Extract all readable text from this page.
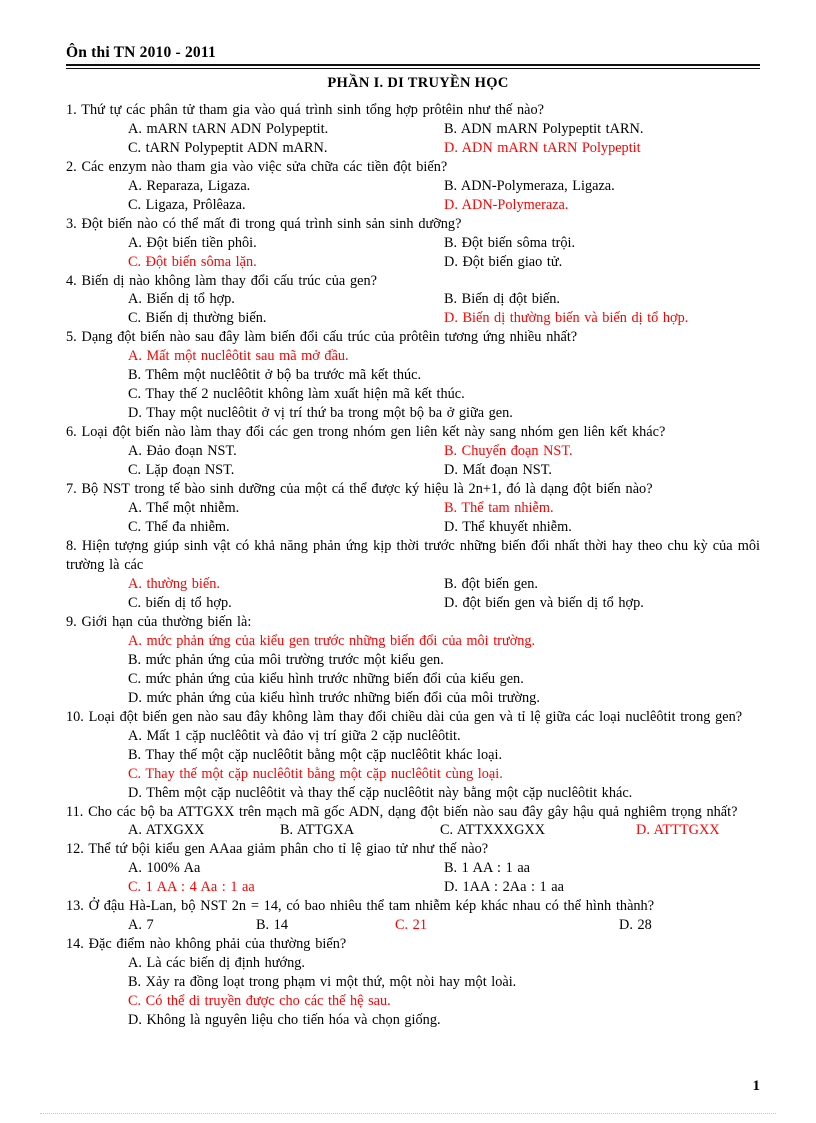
Ôn thi TN 2010 - 2011
PHẦN I. DI TRUYỀN HỌC
1. Thứ tự các phân tử tham gia vào quá trình sinh tổng hợp prôtêin như thế nào?
A. mARN tARN ADN Polypeptit.	B. ADN mARN Polypeptit tARN.
C. tARN Polypeptit ADN mARN.	D. ADN mARN tARN Polypeptit
2. Các enzym nào tham gia vào việc sửa chữa các tiền đột biến?
A. Reparaza, Ligaza.	B. ADN-Polymeraza, Ligaza.
C. Ligaza, Prôlêaza.	D. ADN-Polymeraza.
3. Đột biến nào có thể mất đi trong quá trình sinh sản sinh dưỡng?
A. Đột biến tiền phôi.	B. Đột biến sôma trội.
C. Đột biến sôma lặn.	D. Đột biến giao tử.
4. Biến dị nào không làm thay đổi cấu trúc của gen?
A. Biến dị tổ hợp.	B. Biến dị đột biến.
C. Biến dị thường biến.	D. Biến dị thường biến và biến dị tổ hợp.
5. Dạng đột biến nào sau đây làm biến đổi cấu trúc của prôtêin tương ứng nhiều nhất?
A. Mất một nuclêôtit sau mã mở đầu.
B. Thêm một nuclêôtit ở bộ ba trước mã kết thúc.
C. Thay thế 2 nuclêôtit không làm xuất hiện mã kết thúc.
D. Thay một nuclêôtit ở vị trí thứ ba trong một bộ ba ở giữa gen.
6. Loại đột biến nào làm thay đổi các gen trong nhóm gen liên kết này sang nhóm gen liên kết khác?
A. Đảo đoạn NST.	B. Chuyển đoạn NST.
C. Lặp đoạn NST.	D. Mất đoạn NST.
7. Bộ NST trong tế bào sinh dưỡng của một cá thể được ký hiệu là 2n+1, đó là dạng đột biến nào?
A. Thể một nhiễm.	B. Thể tam nhiễm.
C. Thể đa nhiễm.	D. Thể khuyết nhiễm.
8. Hiện tượng giúp sinh vật có khả năng phản ứng kịp thời trước những biến đổi nhất thời hay theo chu kỳ của môi trường là các
A. thường biến.	B. đột biến gen.
C. biến dị tổ hợp.	D. đột biến gen và biến dị tổ hợp.
9. Giới hạn của thường biến là:
A. mức phản ứng của kiểu gen trước những biến đổi của môi trường.
B. mức phản ứng của môi trường trước một kiểu gen.
C. mức phản ứng của kiểu hình trước những biến đổi của kiểu gen.
D. mức phản ứng của kiểu hình trước những biến đổi của môi trường.
10. Loại đột biến gen nào sau đây không làm thay đổi chiều dài của gen và tỉ lệ giữa các loại nuclêôtit trong gen?
A. Mất 1 cặp nuclêôtit và đảo vị trí giữa 2 cặp nuclêôtit.
B. Thay thế một cặp nuclêôtit bằng một cặp nuclêôtit khác loại.
C. Thay thế một cặp nuclêôtit bằng một cặp nuclêôtit cùng loại.
D. Thêm một cặp nuclêôtit và thay thế cặp nuclêôtit này bằng một cặp nuclêôtit khác.
11. Cho các bộ ba ATTGXX trên mạch mã gốc ADN, dạng đột biến nào sau đây gây hậu quả nghiêm trọng nhất?
A. ATXGXX	B. ATTGXA	C. ATTXXXGXX	D. ATTTGXX
12. Thể tứ bội kiểu gen AAaa giảm phân cho tỉ lệ giao tử như thế nào?
A. 100% Aa	B. 1 AA : 1 aa
C. 1 AA : 4 Aa : 1 aa	D. 1AA : 2Aa : 1 aa
13. Ở đậu Hà-Lan, bộ NST 2n = 14, có bao nhiêu thể tam nhiễm kép khác nhau có thể hình thành?
A. 7	B. 14	C. 21	D. 28
14. Đặc điểm nào không phải của thường biến?
A. Là các biến dị định hướng.
B. Xảy ra đồng loạt trong phạm vi một thứ, một nòi hay một loài.
C. Có thể di truyền được cho các thế hệ sau.
D. Không là nguyên liệu cho tiến hóa và chọn giống.
1
